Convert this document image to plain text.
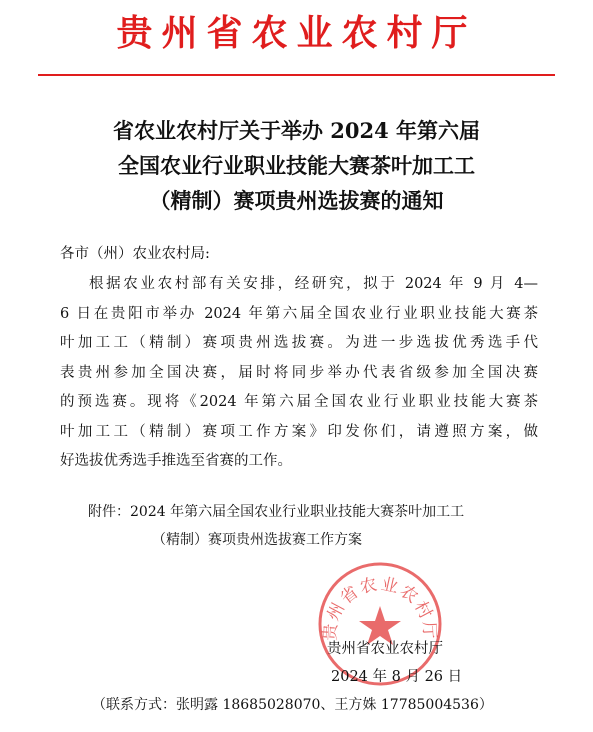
贵州省农业农村厅
省农业农村厅关于举办 2024 年第六届
全国农业行业职业技能大赛茶叶加工工
（精制）赛项贵州选拔赛的通知
各市（州）农业农村局:
根据农业农村部有关安排，经研究，拟于 2024 年 9 月 4—
6 日在贵阳市举办 2024 年第六届全国农业行业职业技能大赛茶
叶加工工（精制）赛项贵州选拔赛。为进一步选拔优秀选手代
表贵州参加全国决赛，届时将同步举办代表省级参加全国决赛
的预选赛。现将《2024 年第六届全国农业行业职业技能大赛茶
叶加工工（精制）赛项工作方案》印发你们，请遵照方案，做
好选拔优秀选手推选至省赛的工作。
附件：2024 年第六届全国农业行业职业技能大赛茶叶加工工
（精制）赛项贵州选拔赛工作方案
贵州省农业农村厅
贵州省农业农村厅
2024 年 8 月 26 日
（联系方式：张明露 18685028070、王方姝 17785004536）
